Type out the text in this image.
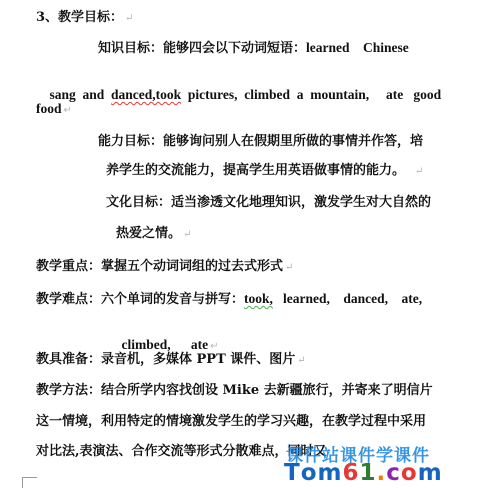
3、教学目标： ↵
知识目标：能够四会以下动词短语：learned    Chinese

sang  and  danced,took  pictures,  climbed  a  mountain,     ate   good

food ↵
能力目标：能够询问别人在假期里所做的事情并作答，培
养学生的交流能力，提高学生用英语做事情的能力。 ↵
文化目标：适当渗透文化地理知识，激发学生对大自然的
热爱之情。 ↵
教学重点：掌握五个动词词组的过去式形式 ↵
教学难点：六个单词的发音与拼写：took,   learned,    danced,    ate,

climbed,      ate ↵

教具准备：录音机，多媒体 PPT 课件、图片 ↵
教学方法：结合所学内容找创设 Mike 去新疆旅行，并寄来了明信片
这一情境，利用特定的情境激发学生的学习兴趣，在教学过程中采用
对比法,表演法、合作交流等形式分散难点，同时又
课件站课件学课件
Tom61.com
